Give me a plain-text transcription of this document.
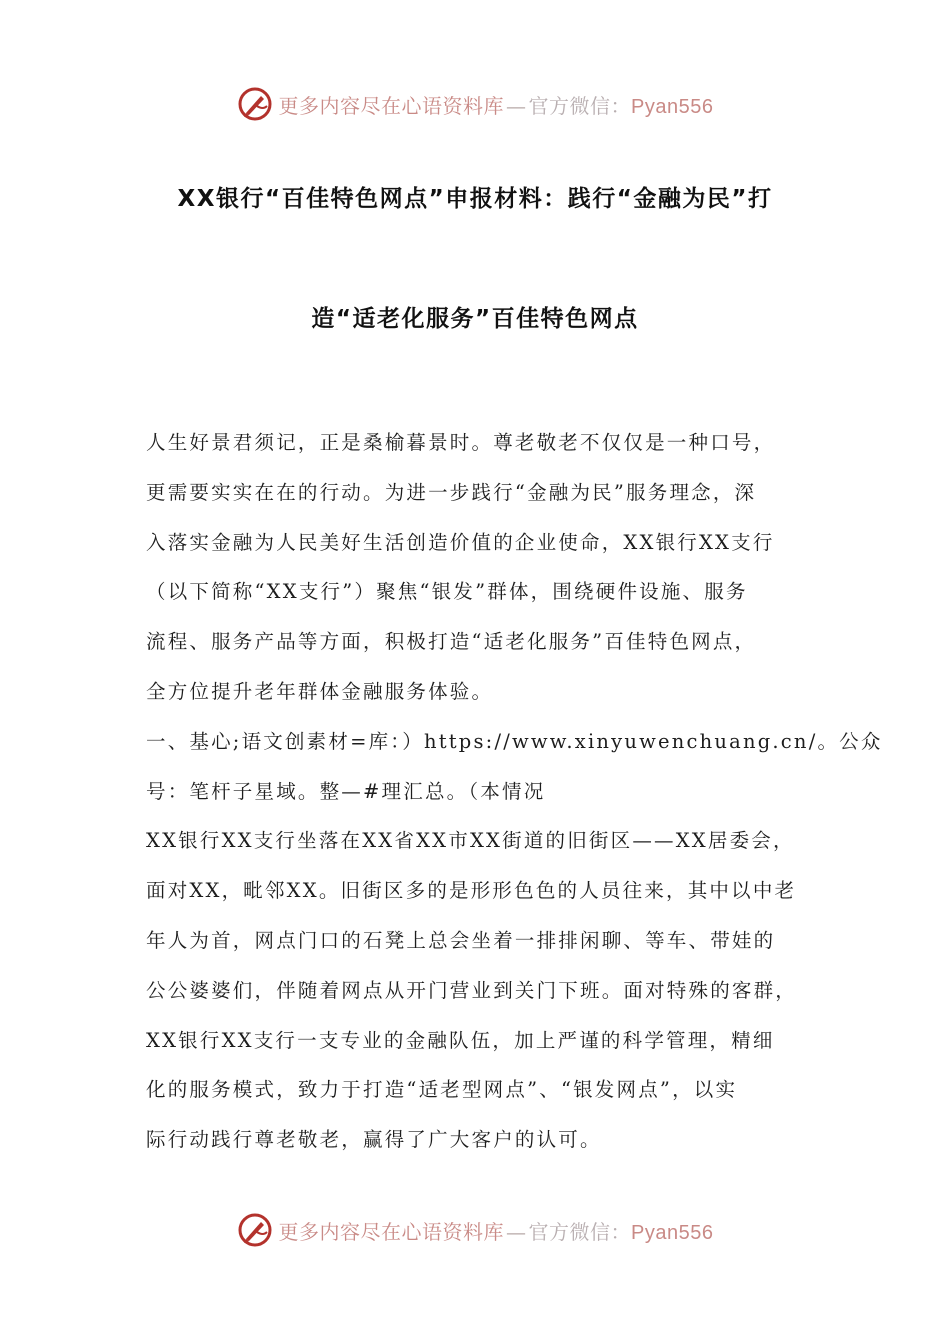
更多内容尽在心语资料库 — 官方微信：Pyan556
XX银行“百佳特色网点”申报材料：践行“金融为民”打
造“适老化服务”百佳特色网点
人生好景君须记，正是桑榆暮景时。尊老敬老不仅仅是一种口号，
更需要实实在在的行动。为进一步践行“金融为民”服务理念，深
入落实金融为人民美好生活创造价值的企业使命，XX银行XX支行
（以下简称“XX支行”）聚焦“银发”群体，围绕硬件设施、服务
流程、服务产品等方面，积极打造“适老化服务”百佳特色网点，
全方位提升老年群体金融服务体验。
一、基心;语文创素材=库：）https://www.xinyuwenchuang.cn/。公众
号：笔杆子星域。整—#理汇总。（本情况
XX银行XX支行坐落在XX省XX市XX街道的旧街区——XX居委会，
面对XX，毗邻XX。旧街区多的是形形色色的人员往来，其中以中老
年人为首，网点门口的石凳上总会坐着一排排闲聊、等车、带娃的
公公婆婆们，伴随着网点从开门营业到关门下班。面对特殊的客群，
XX银行XX支行一支专业的金融队伍，加上严谨的科学管理，精细
化的服务模式，致力于打造“适老型网点”、“银发网点”，以实
际行动践行尊老敬老，赢得了广大客户的认可。
更多内容尽在心语资料库 — 官方微信：Pyan556
